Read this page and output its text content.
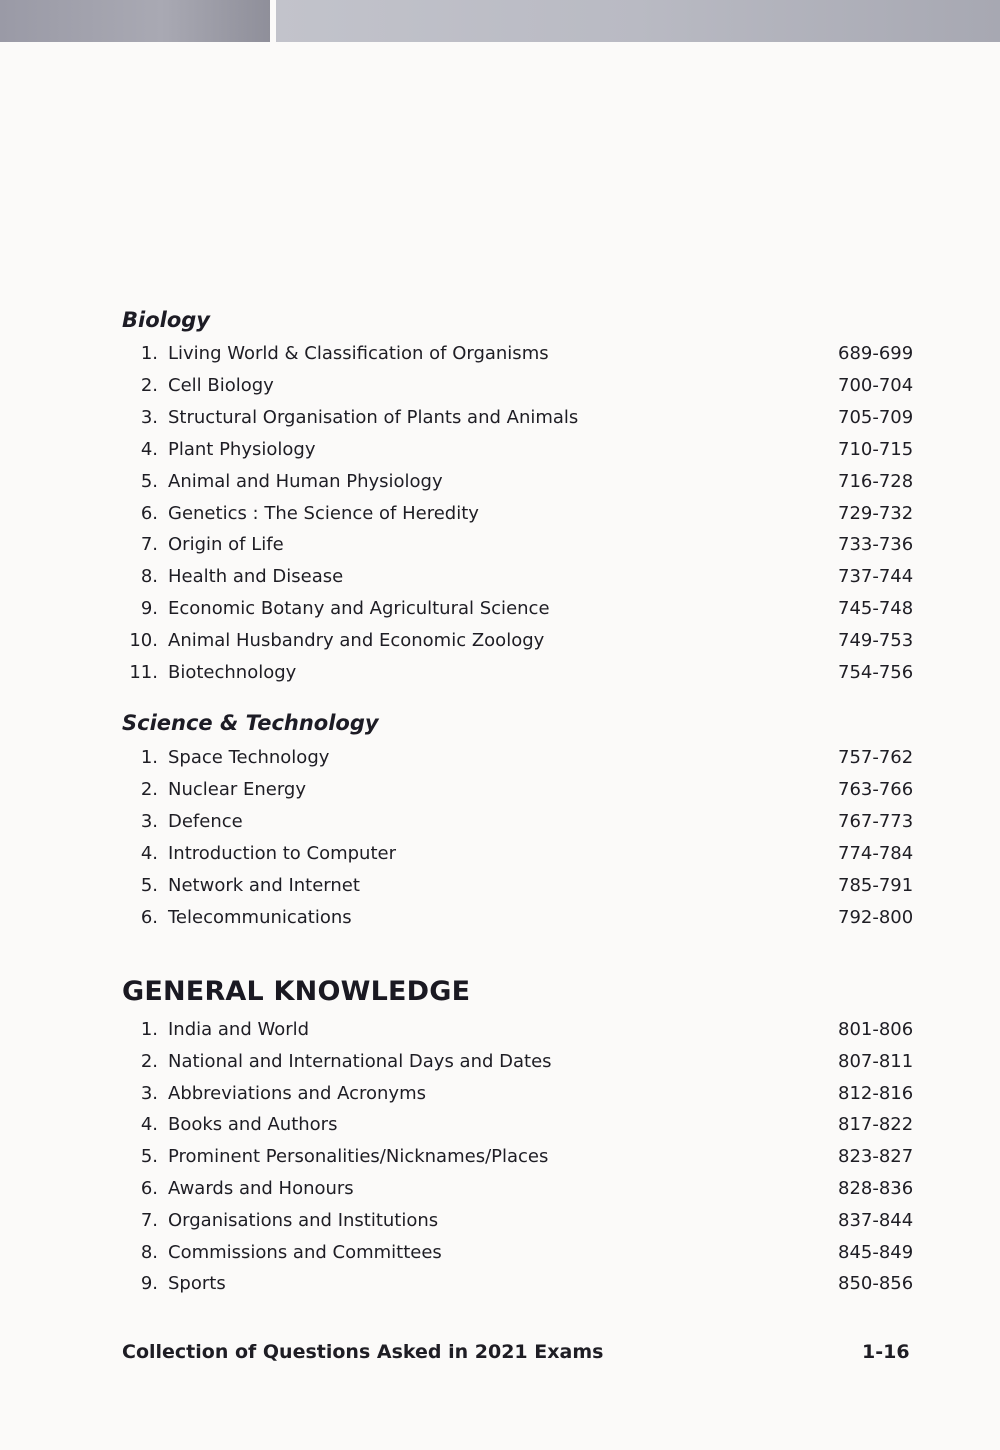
Biology
1. Living World & Classification of Organisms	689-699
2. Cell Biology	700-704
3. Structural Organisation of Plants and Animals	705-709
4. Plant Physiology	710-715
5. Animal and Human Physiology	716-728
6. Genetics : The Science of Heredity	729-732
7. Origin of Life	733-736
8. Health and Disease	737-744
9. Economic Botany and Agricultural Science	745-748
10. Animal Husbandry and Economic Zoology	749-753
11. Biotechnology	754-756
Science & Technology
1. Space Technology	757-762
2. Nuclear Energy	763-766
3. Defence	767-773
4. Introduction to Computer	774-784
5. Network and Internet	785-791
6. Telecommunications	792-800
GENERAL KNOWLEDGE
1. India and World	801-806
2. National and International Days and Dates	807-811
3. Abbreviations and Acronyms	812-816
4. Books and Authors	817-822
5. Prominent Personalities/Nicknames/Places	823-827
6. Awards and Honours	828-836
7. Organisations and Institutions	837-844
8. Commissions and Committees	845-849
9. Sports	850-856
Collection of Questions Asked in 2021 Exams	1-16
